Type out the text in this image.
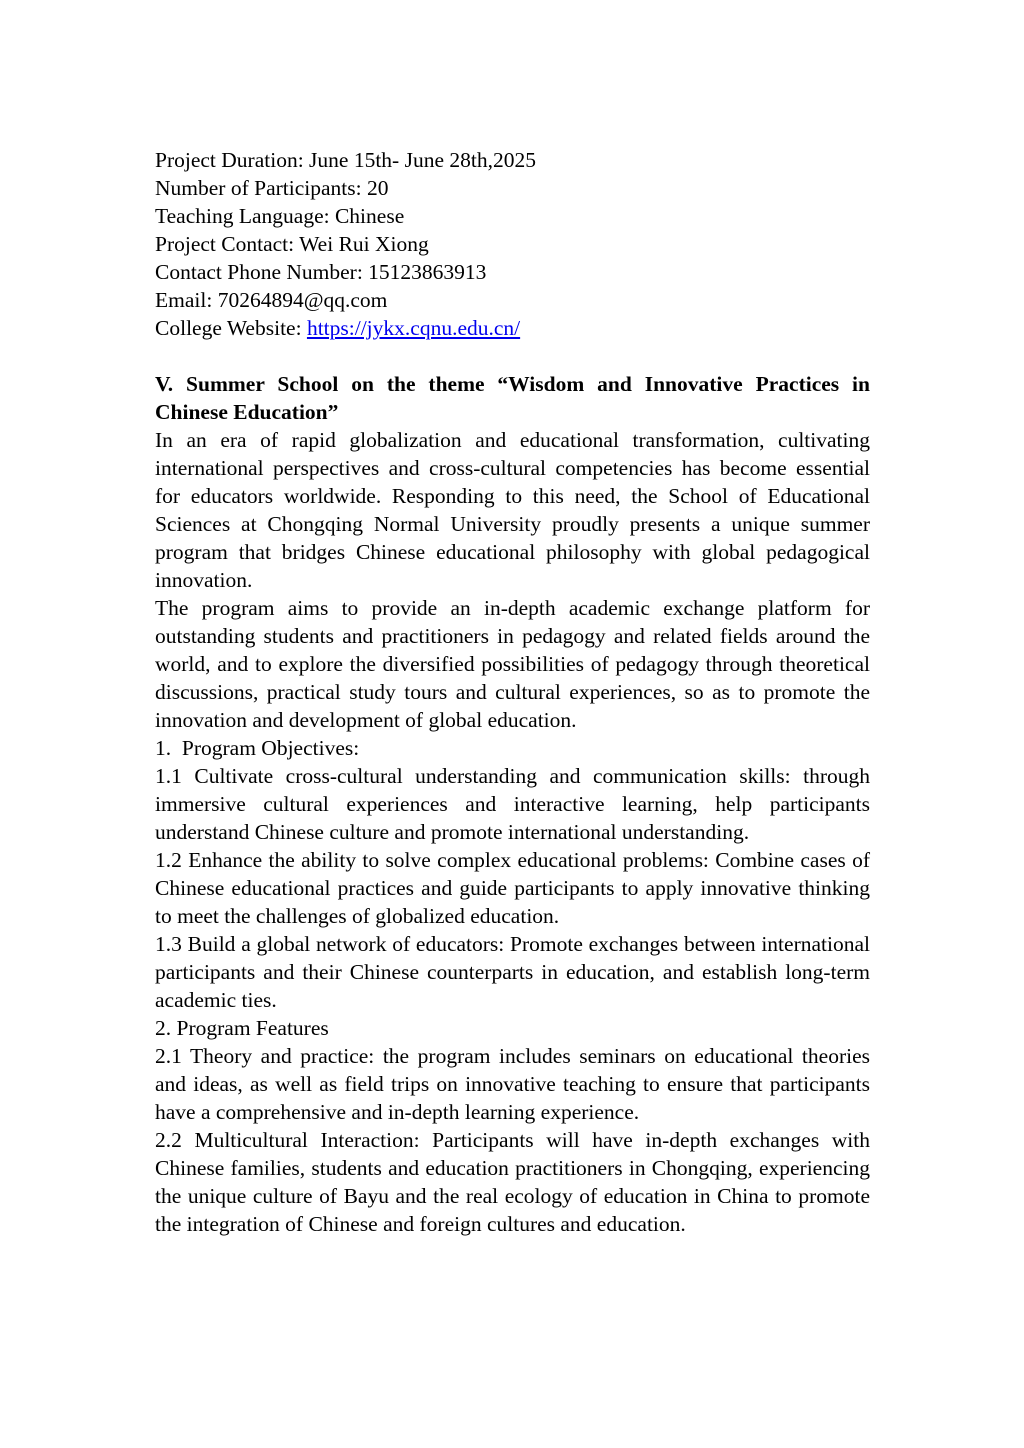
Project Duration: June 15th- June 28th,2025

Number of Participants: 20

Teaching Language: Chinese

Project Contact: Wei Rui Xiong

Contact Phone Number: 15123863913

Email: 70264894@qq.com

College Website: https://jykx.cqnu.edu.cn/

V. Summer School on the theme “Wisdom and Innovative Practices in Chinese Education”

In an era of rapid globalization and educational transformation, cultivating international perspectives and cross-cultural competencies has become essential for educators worldwide. Responding to this need, the School of Educational Sciences at Chongqing Normal University proudly presents a unique summer program that bridges Chinese educational philosophy with global pedagogical innovation.

The program aims to provide an in-depth academic exchange platform for outstanding students and practitioners in pedagogy and related fields around the world, and to explore the diversified possibilities of pedagogy through theoretical discussions, practical study tours and cultural experiences, so as to promote the innovation and development of global education.

1.  Program Objectives:

1.1 Cultivate cross-cultural understanding and communication skills: through immersive cultural experiences and interactive learning, help participants understand Chinese culture and promote international understanding.

1.2 Enhance the ability to solve complex educational problems: Combine cases of Chinese educational practices and guide participants to apply innovative thinking to meet the challenges of globalized education.

1.3 Build a global network of educators: Promote exchanges between international participants and their Chinese counterparts in education, and establish long-term academic ties.

2. Program Features

2.1 Theory and practice: the program includes seminars on educational theories and ideas, as well as field trips on innovative teaching to ensure that participants have a comprehensive and in-depth learning experience.

2.2 Multicultural Interaction: Participants will have in-depth exchanges with Chinese families, students and education practitioners in Chongqing, experiencing the unique culture of Bayu and the real ecology of education in China to promote the integration of Chinese and foreign cultures and education.
